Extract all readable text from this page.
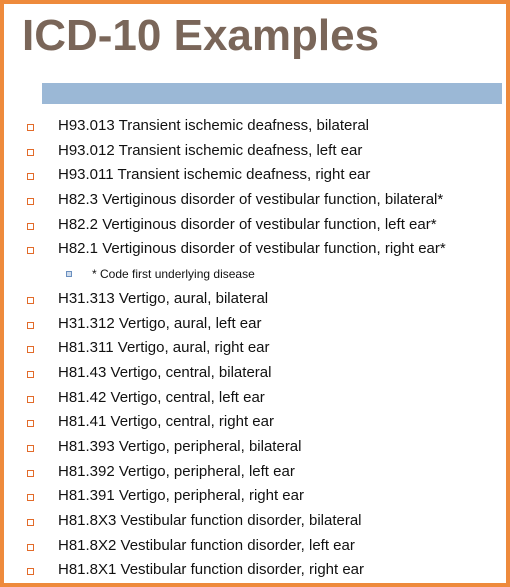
ICD-10 Examples
H93.013 Transient ischemic deafness, bilateral
H93.012 Transient ischemic deafness, left ear
H93.011 Transient ischemic deafness, right ear
H82.3 Vertiginous disorder of vestibular function, bilateral*
H82.2 Vertiginous disorder of vestibular function, left ear*
H82.1 Vertiginous disorder of vestibular function, right ear*
* Code first underlying disease
H31.313 Vertigo, aural, bilateral
H31.312 Vertigo, aural, left ear
H81.311 Vertigo, aural, right ear
H81.43 Vertigo, central, bilateral
H81.42 Vertigo, central, left ear
H81.41 Vertigo, central, right ear
H81.393 Vertigo, peripheral, bilateral
H81.392 Vertigo, peripheral, left ear
H81.391 Vertigo, peripheral, right ear
H81.8X3 Vestibular function disorder, bilateral
H81.8X2 Vestibular function disorder, left ear
H81.8X1 Vestibular function disorder, right ear
